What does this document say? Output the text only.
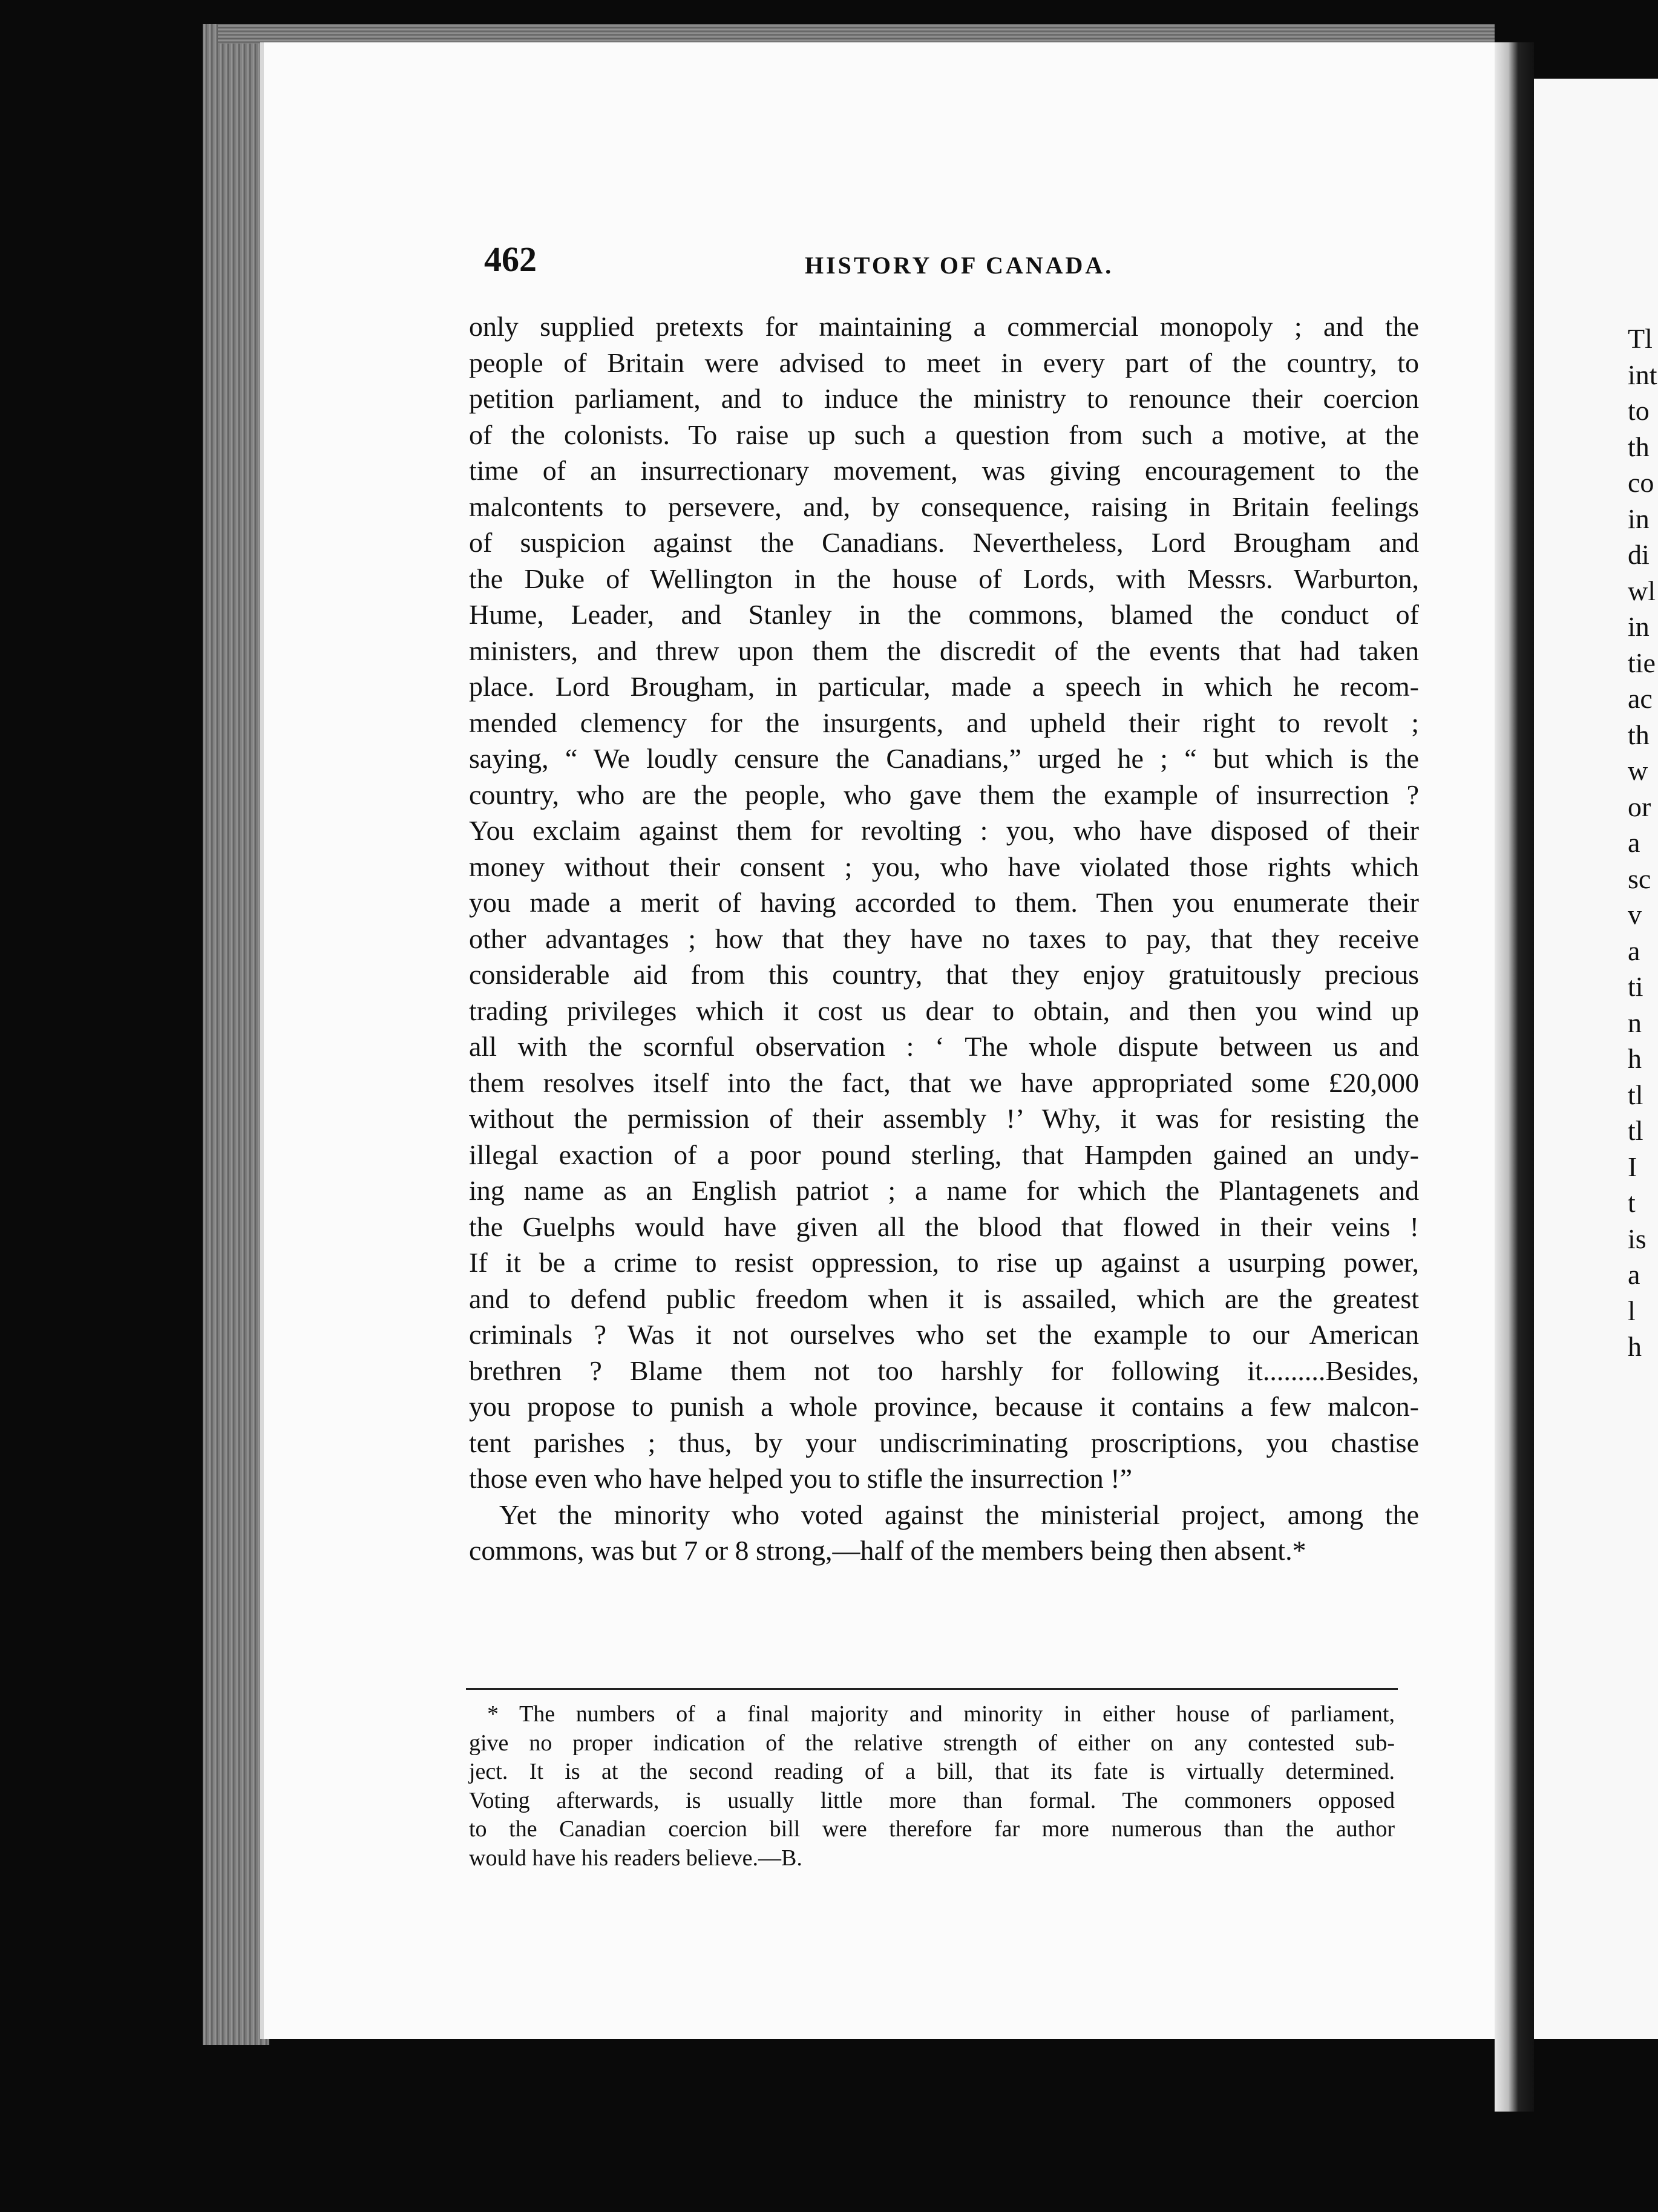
462	HISTORY OF CANADA.
only supplied pretexts for maintaining a commercial monopoly ; and the
people of Britain were advised to meet in every part of the country, to
petition parliament, and to induce the ministry to renounce their coercion
of the colonists. To raise up such a question from such a motive, at the
time of an insurrectionary movement, was giving encouragement to the
malcontents to persevere, and, by consequence, raising in Britain feelings
of suspicion against the Canadians. Nevertheless, Lord Brougham and
the Duke of Wellington in the house of Lords, with Messrs. Warburton,
Hume, Leader, and Stanley in the commons, blamed the conduct of
ministers, and threw upon them the discredit of the events that had taken
place. Lord Brougham, in particular, made a speech in which he recom-
mended clemency for the insurgents, and upheld their right to revolt ;
saying, “ We loudly censure the Canadians,” urged he ; “ but which is the
country, who are the people, who gave them the example of insurrection ?
You exclaim against them for revolting : you, who have disposed of their
money without their consent ; you, who have violated those rights which
you made a merit of having accorded to them. Then you enumerate their
other advantages ; how that they have no taxes to pay, that they receive
considerable aid from this country, that they enjoy gratuitously precious
trading privileges which it cost us dear to obtain, and then you wind up
all with the scornful observation : ‘ The whole dispute between us and
them resolves itself into the fact, that we have appropriated some £20,000
without the permission of their assembly !’ Why, it was for resisting the
illegal exaction of a poor pound sterling, that Hampden gained an undy-
ing name as an English patriot ; a name for which the Plantagenets and
the Guelphs would have given all the blood that flowed in their veins !
If it be a crime to resist oppression, to rise up against a usurping power,
and to defend public freedom when it is assailed, which are the greatest
criminals ? Was it not ourselves who set the example to our American
brethren ? Blame them not too harshly for following it.........Besides,
you propose to punish a whole province, because it contains a few malcon-
tent parishes ; thus, by your undiscriminating proscriptions, you chastise
those even who have helped you to stifle the insurrection !”
Yet the minority who voted against the ministerial project, among the
commons, was but 7 or 8 strong,—half of the members being then absent.*
* The numbers of a final majority and minority in either house of parliament,
give no proper indication of the relative strength of either on any contested sub-
ject. It is at the second reading of a bill, that its fate is virtually determined.
Voting afterwards, is usually little more than formal. The commoners opposed
to the Canadian coercion bill were therefore far more numerous than the author
would have his readers believe.—B.
Tl
int
to
th
co
in
di
wl
in
tie
ac
th
w
or
a
sc
v
a
ti
n
h
tl
tl
I
t
is
a
l
h
